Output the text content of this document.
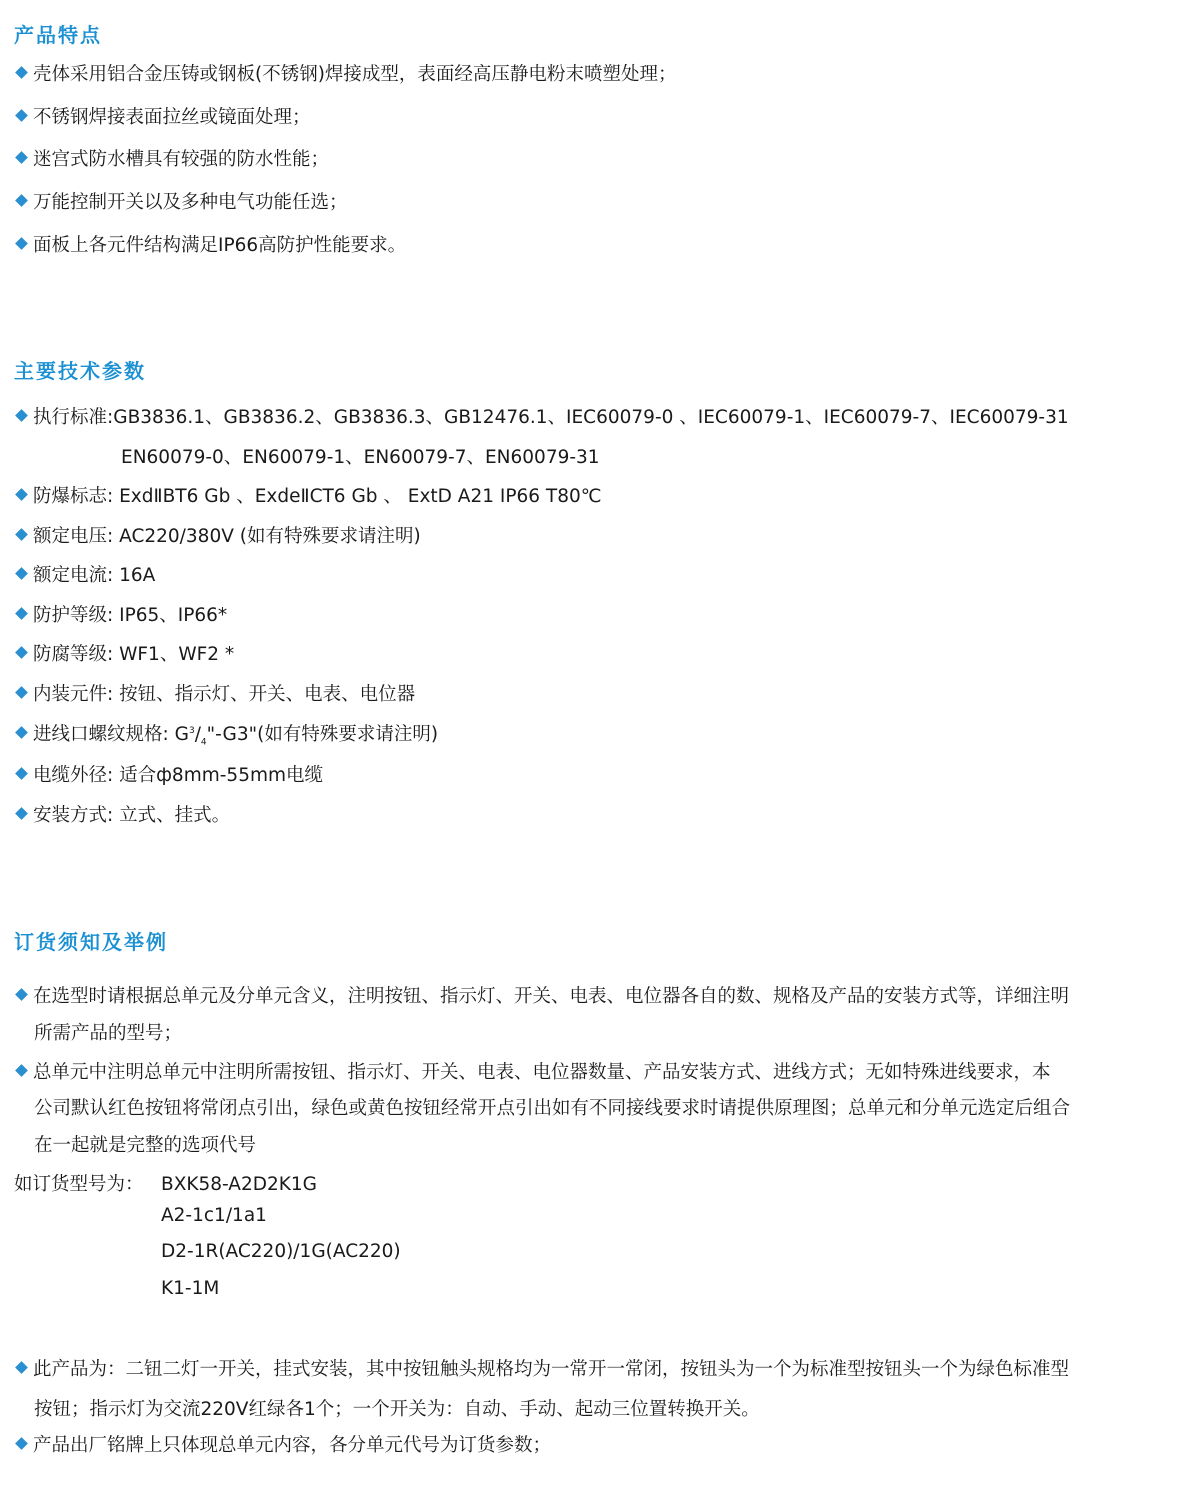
产品特点
壳体采用铝合金压铸或钢板(不锈钢)焊接成型，表面经高压静电粉末喷塑处理；
不锈钢焊接表面拉丝或镜面处理；
迷宫式防水槽具有较强的防水性能；
万能控制开关以及多种电气功能任选；
面板上各元件结构满足IP66高防护性能要求。
主要技术参数
执行标准:GB3836.1、GB3836.2、GB3836.3、GB12476.1、IEC60079-0 、IEC60079-1、IEC60079-7、IEC60079-31
EN60079-0、EN60079-1、EN60079-7、EN60079-31
防爆标志: ExdⅡBT6 Gb 、ExdeⅡCT6 Gb 、 ExtD A21 IP66 T80℃
额定电压: AC220/380V (如有特殊要求请注明)
额定电流: 16A
防护等级: IP65、IP66*
防腐等级: WF1、WF2 *
内装元件: 按钮、指示灯、开关、电表、电位器
进线口螺纹规格: $G^3/_4"-G3$"(如有特殊要求请注明)
电缆外径: 适合ф8mm-55mm电缆
安装方式: 立式、挂式。
订货须知及举例
在选型时请根据总单元及分单元含义，注明按钮、指示灯、开关、电表、电位器各自的数、规格及产品的安装方式等，详细注明
所需产品的型号；
总单元中注明总单元中注明所需按钮、指示灯、开关、电表、电位器数量、产品安装方式、进线方式；无如特殊进线要求，本
公司默认红色按钮将常闭点引出，绿色或黄色按钮经常开点引出如有不同接线要求时请提供原理图；总单元和分单元选定后组合
在一起就是完整的选项代号
如订货型号为： BXK58-A2D2K1G
A2-1c1/1a1
D2-1R(AC220)/1G(AC220)
K1-1M
此产品为：二钮二灯一开关，挂式安装，其中按钮触头规格均为一常开一常闭，按钮头为一个为标准型按钮头一个为绿色标准型
按钮；指示灯为交流220V红绿各1个；一个开关为：自动、手动、起动三位置转换开关。
产品出厂铭牌上只体现总单元内容，各分单元代号为订货参数；
